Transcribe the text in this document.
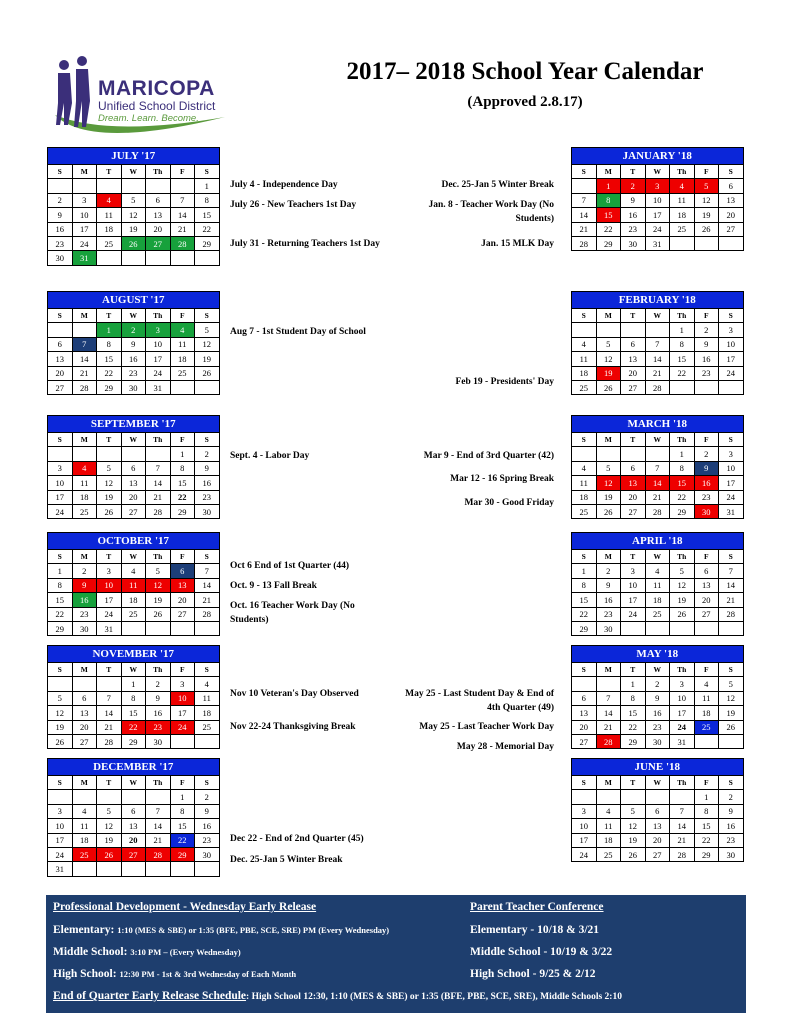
MARICOPA
Unified School District
Dream. Learn. Become.
2017– 2018 School Year Calendar
(Approved 2.8.17)
JULY '17						
S	M	T	W	Th	F	S
						1
2	3	4	5	6	7	8
9	10	11	12	13	14	15
16	17	18	19	20	21	22
23	24	25	26	27	28	29
30	31					
AUGUST '17						
S	M	T	W	Th	F	S
		1	2	3	4	5
6	7	8	9	10	11	12
13	14	15	16	17	18	19
20	21	22	23	24	25	26
27	28	29	30	31		
SEPTEMBER '17						
S	M	T	W	Th	F	S
					1	2
3	4	5	6	7	8	9
10	11	12	13	14	15	16
17	18	19	20	21	22	23
24	25	26	27	28	29	30
OCTOBER '17						
S	M	T	W	Th	F	S
1	2	3	4	5	6	7
8	9	10	11	12	13	14
15	16	17	18	19	20	21
22	23	24	25	26	27	28
29	30	31				
NOVEMBER '17						
S	M	T	W	Th	F	S
			1	2	3	4
5	6	7	8	9	10	11
12	13	14	15	16	17	18
19	20	21	22	23	24	25
26	27	28	29	30		
DECEMBER '17						
S	M	T	W	Th	F	S
					1	2
3	4	5	6	7	8	9
10	11	12	13	14	15	16
17	18	19	20	21	22	23
24	25	26	27	28	29	30
31						
JANUARY '18						
S	M	T	W	Th	F	S
	1	2	3	4	5	6
7	8	9	10	11	12	13
14	15	16	17	18	19	20
21	22	23	24	25	26	27
28	29	30	31			
FEBRUARY '18						
S	M	T	W	Th	F	S
				1	2	3
4	5	6	7	8	9	10
11	12	13	14	15	16	17
18	19	20	21	22	23	24
25	26	27	28			
MARCH '18						
S	M	T	W	Th	F	S
				1	2	3
4	5	6	7	8	9	10
11	12	13	14	15	16	17
18	19	20	21	22	23	24
25	26	27	28	29	30	31
APRIL '18						
S	M	T	W	Th	F	S
1	2	3	4	5	6	7
8	9	10	11	12	13	14
15	16	17	18	19	20	21
22	23	24	25	26	27	28
29	30					
MAY '18						
S	M	T	W	Th	F	S
		1	2	3	4	5
6	7	8	9	10	11	12
13	14	15	16	17	18	19
20	21	22	23	24	25	26
27	28	29	30	31		
JUNE '18						
S	M	T	W	Th	F	S
					1	2
3	4	5	6	7	8	9
10	11	12	13	14	15	16
17	18	19	20	21	22	23
24	25	26	27	28	29	30
July 4 - Independence Day
July 26 - New Teachers 1st Day
July 31 - Returning Teachers 1st Day
Aug 7 - 1st Student Day of School
Sept. 4 - Labor Day
Oct 6 End of 1st Quarter (44)
Oct. 9 - 13 Fall Break
Oct. 16 Teacher Work Day (No
Students)
Nov 10 Veteran's Day Observed
Nov 22-24 Thanksgiving Break
Dec 22 - End of 2nd Quarter (45)
Dec. 25-Jan 5 Winter Break
Dec. 25-Jan 5 Winter Break
Jan. 8 - Teacher Work Day (No
Students)
Jan. 15 MLK Day
Feb 19 - Presidents' Day
Mar 9 - End of 3rd Quarter (42)
Mar 12 - 16 Spring Break
Mar 30 - Good Friday
May 25 - Last Student Day & End of
4th Quarter (49)
May 25 - Last Teacher Work Day
May 28 - Memorial Day
Professional Development - Wednesday Early Release
Elementary: 1:10 (MES & SBE) or 1:35 (BFE, PBE, SCE, SRE) PM (Every Wednesday)
Middle School: 3:10 PM – (Every Wednesday)
High School: 12:30 PM - 1st & 3rd Wednesday of Each Month
Parent Teacher Conference
Elementary - 10/18 & 3/21
Middle School - 10/19 & 3/22
High School - 9/25 & 2/12
End of Quarter Early Release Schedule: High School 12:30, 1:10 (MES & SBE) or 1:35 (BFE, PBE, SCE, SRE), Middle Schools 2:10
